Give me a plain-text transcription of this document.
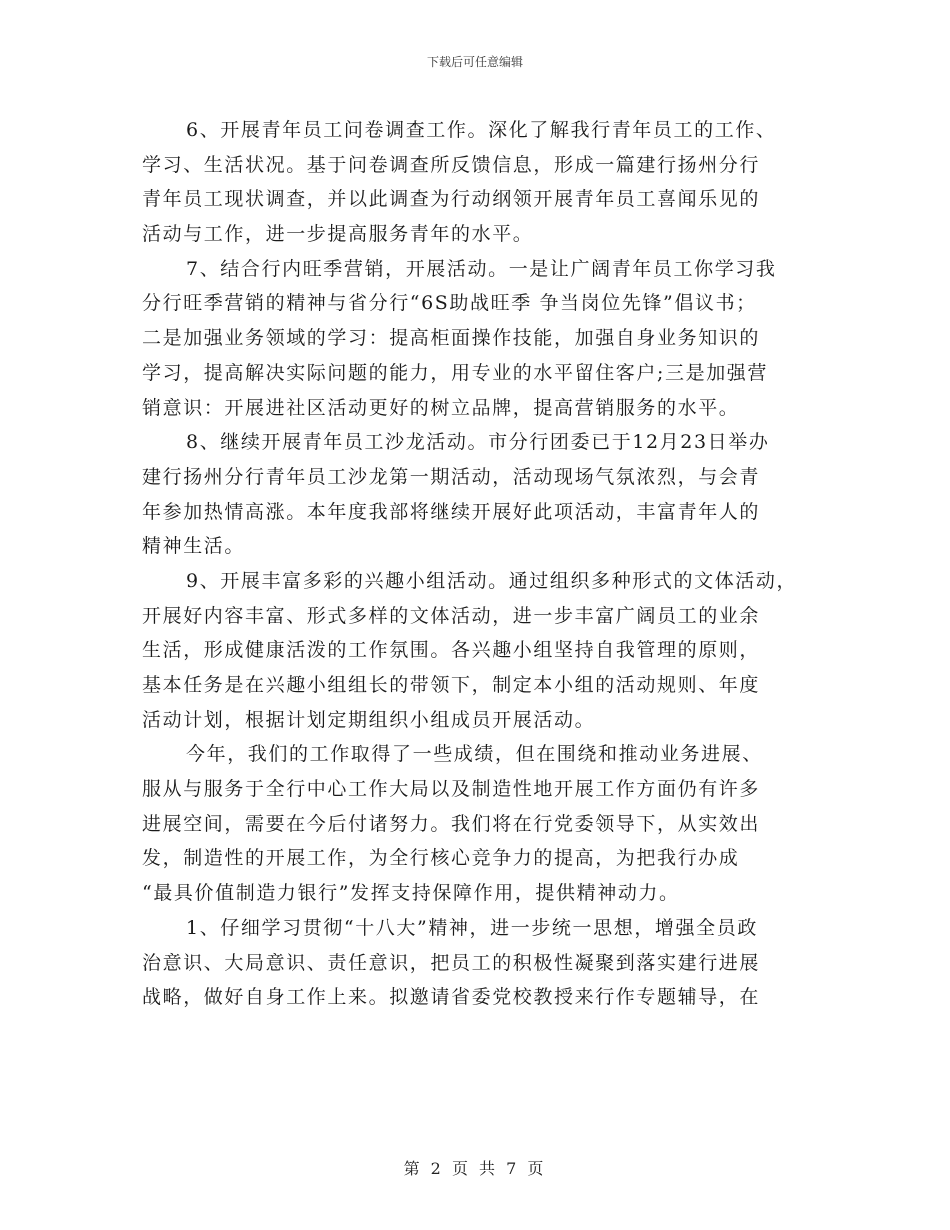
下载后可任意编辑
6、开展青年员工问卷调查工作。深化了解我行青年员工的工作、
学习、生活状况。基于问卷调查所反馈信息，形成一篇建行扬州分行
青年员工现状调查，并以此调查为行动纲领开展青年员工喜闻乐见的
活动与工作，进一步提高服务青年的水平。
7、结合行内旺季营销，开展活动。一是让广阔青年员工你学习我
分行旺季营销的精神与省分行“6S助战旺季 争当岗位先锋”倡议书；
二是加强业务领域的学习：提高柜面操作技能，加强自身业务知识的
学习，提高解决实际问题的能力，用专业的水平留住客户;三是加强营
销意识：开展进社区活动更好的树立品牌，提高营销服务的水平。
8、继续开展青年员工沙龙活动。市分行团委已于12月23日举办
建行扬州分行青年员工沙龙第一期活动，活动现场气氛浓烈，与会青
年参加热情高涨。本年度我部将继续开展好此项活动，丰富青年人的
精神生活。
9、开展丰富多彩的兴趣小组活动。通过组织多种形式的文体活动，
开展好内容丰富、形式多样的文体活动，进一步丰富广阔员工的业余
生活，形成健康活泼的工作氛围。各兴趣小组坚持自我管理的原则，
基本任务是在兴趣小组组长的带领下，制定本小组的活动规则、年度
活动计划，根据计划定期组织小组成员开展活动。
今年，我们的工作取得了一些成绩，但在围绕和推动业务进展、
服从与服务于全行中心工作大局以及制造性地开展工作方面仍有许多
进展空间，需要在今后付诸努力。我们将在行党委领导下，从实效出
发，制造性的开展工作，为全行核心竞争力的提高，为把我行办成
“最具价值制造力银行”发挥支持保障作用，提供精神动力。
1、仔细学习贯彻“十八大”精神，进一步统一思想，增强全员政
治意识、大局意识、责任意识，把员工的积极性凝聚到落实建行进展
战略，做好自身工作上来。拟邀请省委党校教授来行作专题辅导，在
第 2 页 共 7 页
